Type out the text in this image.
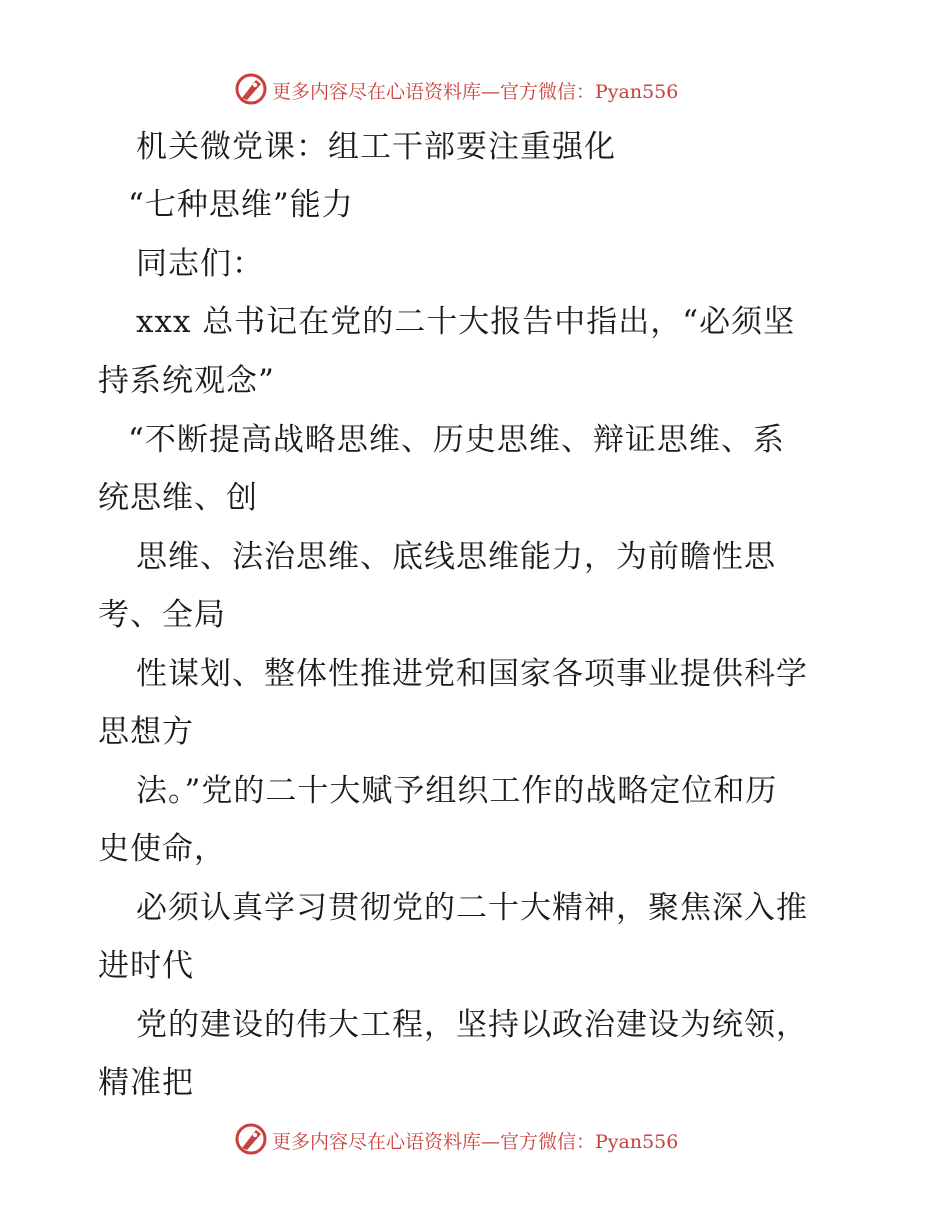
更多内容尽在心语资料库—官方微信：Pyan556
机关微党课：组工干部要注重强化
“七种思维”能力
同志们：
xxx 总书记在党的二十大报告中指出，“必须坚
持系统观念”
“不断提高战略思维、历史思维、辩证思维、系
统思维、创
思维、法治思维、底线思维能力，为前瞻性思
考、全局
性谋划、整体性推进党和国家各项事业提供科学
思想方
法。”党的二十大赋予组织工作的战略定位和历
史使命，
必须认真学习贯彻党的二十大精神，聚焦深入推
进时代
党的建设的伟大工程，坚持以政治建设为统领，
精准把
更多内容尽在心语资料库—官方微信：Pyan556
